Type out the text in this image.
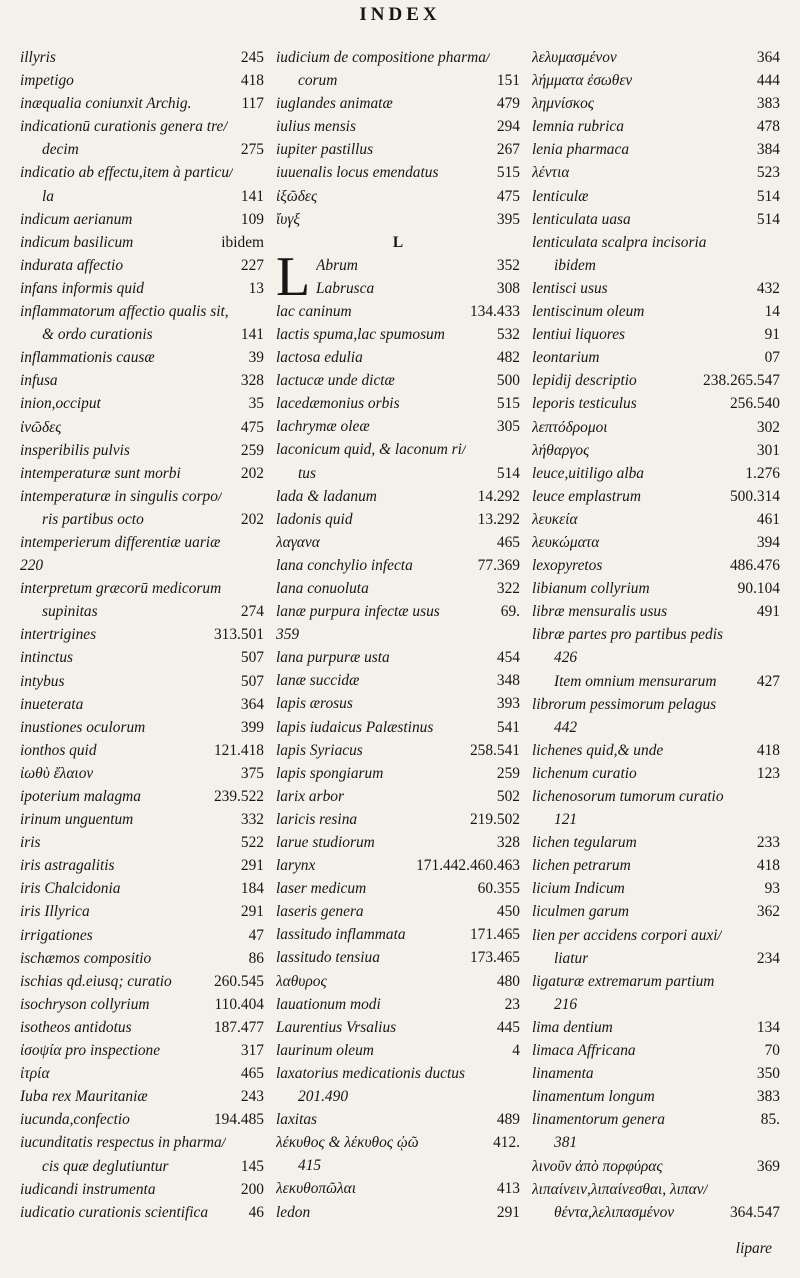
INDEX
illyris	245
impetigo	418
inæqualia coniunxit Archig.	117
indicationū curationis genera tre/
decim	275
indicatio ab effectu,item à particu/
la	141
indicum aerianum	109
indicum basilicum	ibidem
indurata affectio	227
infans informis quid	13
inflammatorum affectio qualis sit,
& ordo curationis	141
inflammationis causæ	39
infusa	328
inion,occiput	35
ἰνῶδες	475
insperibilis pulvis	259
intemperaturæ sunt morbi	202
intemperaturæ in singulis corpo/
ris partibus octo	202
intemperierum differentiæ uariæ
220
interpretum græcorū medicorum
supinitas	274
intertrigines	313.501
intinctus	507
intybus	507
inueterata	364
inustiones oculorum	399
ionthos quid	121.418
ἰωθὺ ἔλαιον	375
ipoterium malagma	239.522
irinum unguentum	332
iris	522
iris astragalitis	291
iris Chalcidonia	184
iris Illyrica	291
irrigationes	47
ischæmos compositio	86
ischias qd.eiusq; curatio	260.545
isochryson collyrium	110.404
isotheos antidotus	187.477
ἰσοψία pro inspectione	317
ἰτρία	465
Iuba rex Mauritaniæ	243
iucunda,confectio	194.485
iucunditatis respectus in pharma/
cis quæ deglutiuntur	145
iudicandi instrumenta	200
iudicatio curationis scientifica	46
iudicium de compositione pharma/
corum	151
iuglandes animatæ	479
iulius mensis	294
iupiter pastillus	267
iuuenalis locus emendatus	515
ἰξῶδες	475
ἴυγξ	395
L
L Abrum	352
Labrusca	308
lac caninum	134.433
lactis spuma,lac spumosum	532
lactosa edulia	482
lactucæ unde dictæ	500
lacedæmonius orbis	515
lachrymæ oleæ	305
laconicum quid, & laconum ri/
tus	514
lada & ladanum	14.292
ladonis quid	13.292
λαγανα	465
lana conchylio infecta	77.369
lana conuoluta	322
lanæ purpura infectæ usus	69.
359
lana purpuræ usta	454
lanæ succidæ	348
lapis ærosus	393
lapis iudaicus Palæstinus	541
lapis Syriacus	258.541
lapis spongiarum	259
larix arbor	502
laricis resina	219.502
larue studiorum	328
larynx	171.442.460.463
laser medicum	60.355
laseris genera	450
lassitudo inflammata	171.465
lassitudo tensiua	173.465
λαθυρος	480
lauationum modi	23
Laurentius Vrsalius	445
laurinum oleum	4
laxatorius medicationis ductus
201.490
laxitas	489
λέκυθος & λέκυθος ᾠῶ	412.
415
λεκυθοπῶλαι	413
ledon	291
λελυμασμένον	364
λήμματα ἐσωθεν	444
λημνίσκος	383
lemnia rubrica	478
lenia pharmaca	384
λέντια	523
lenticulæ	514
lenticulata uasa	514
lenticulata scalpra incisoria
ibidem
lentisci usus	432
lentiscinum oleum	14
lentiui liquores	91
leontarium	07
lepidij descriptio	238.265.547
leporis testiculus	256.540
λεπτόδρομοι	302
λήθαργος	301
leuce,uitiligo alba	1.276
leuce emplastrum	500.314
λευκεία	461
λευκώματα	394
lexopyretos	486.476
libianum collyrium	90.104
libræ mensuralis usus	491
libræ partes pro partibus pedis
426
Item omnium mensurarum	427
librorum pessimorum pelagus
442
lichenes quid,& unde	418
lichenum curatio	123
lichenosorum tumorum curatio
121
lichen tegularum	233
lichen petrarum	418
licium Indicum	93
liculmen garum	362
lien per accidens corpori auxi/
liatur	234
ligaturæ extremarum partium
216
lima dentium	134
limaca Affricana	70
linamenta	350
linamentum longum	383
linamentorum genera	85.
381
λινοῦν ἀπὸ πορφύρας	369
λιπαίνειν,λιπαίνεσθαι, λιπαν/
θέντα,λελιπασμένον	364.547
lipare
